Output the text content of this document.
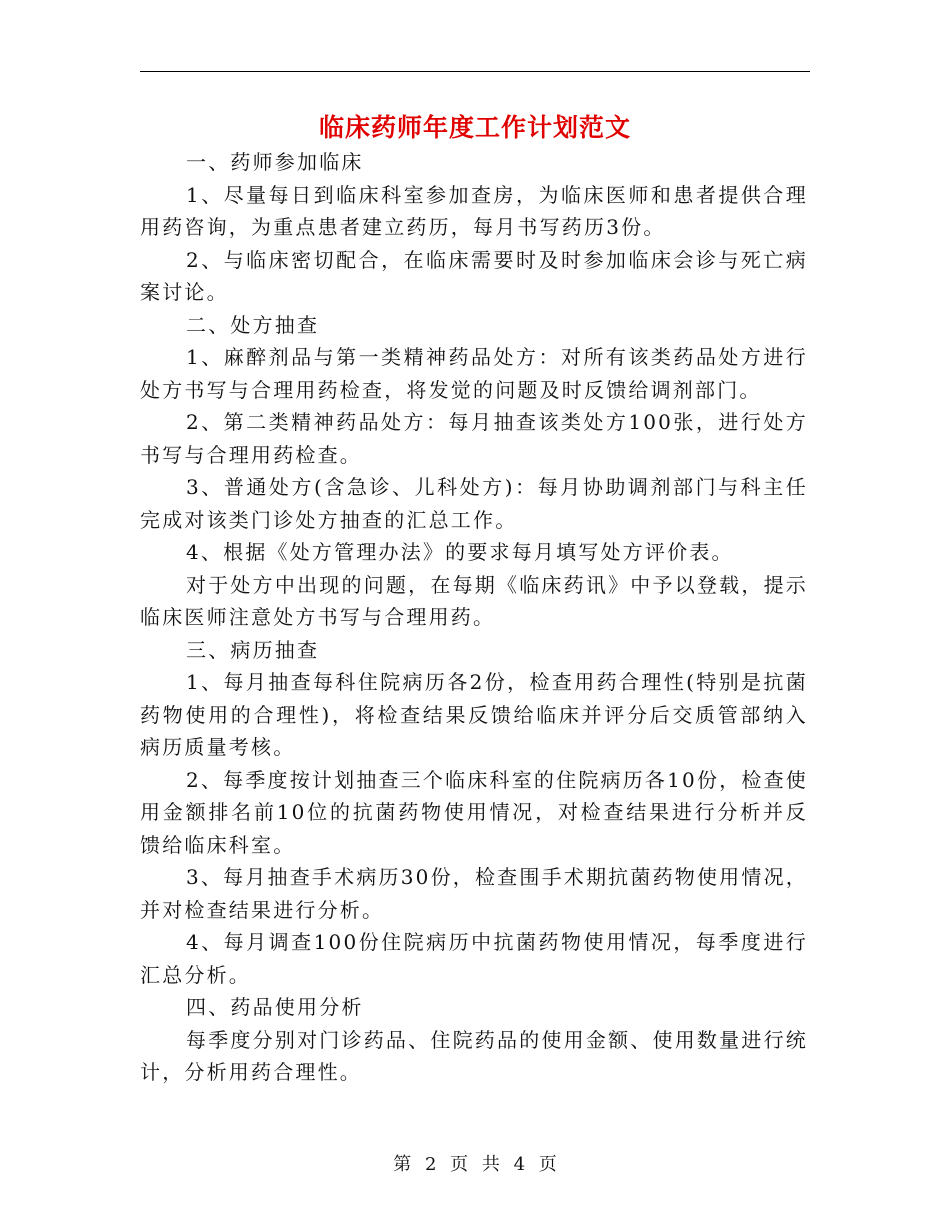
临床药师年度工作计划范文

一、药师参加临床

1、尽量每日到临床科室参加查房，为临床医师和患者提供合理用药咨询，为重点患者建立药历，每月书写药历3份。

2、与临床密切配合，在临床需要时及时参加临床会诊与死亡病案讨论。

二、处方抽查

1、麻醉剂品与第一类精神药品处方：对所有该类药品处方进行处方书写与合理用药检查，将发觉的问题及时反馈给调剂部门。

2、第二类精神药品处方：每月抽查该类处方100张，进行处方书写与合理用药检查。

3、普通处方(含急诊、儿科处方)：每月协助调剂部门与科主任完成对该类门诊处方抽查的汇总工作。

4、根据《处方管理办法》的要求每月填写处方评价表。

对于处方中出现的问题，在每期《临床药讯》中予以登载，提示临床医师注意处方书写与合理用药。

三、病历抽查

1、每月抽查每科住院病历各2份，检查用药合理性(特别是抗菌药物使用的合理性)，将检查结果反馈给临床并评分后交质管部纳入病历质量考核。

2、每季度按计划抽查三个临床科室的住院病历各10份，检查使用金额排名前10位的抗菌药物使用情况，对检查结果进行分析并反馈给临床科室。

3、每月抽查手术病历30份，检查围手术期抗菌药物使用情况，并对检查结果进行分析。

4、每月调查100份住院病历中抗菌药物使用情况，每季度进行汇总分析。

四、药品使用分析

每季度分别对门诊药品、住院药品的使用金额、使用数量进行统计，分析用药合理性。

第 2 页 共 4 页
